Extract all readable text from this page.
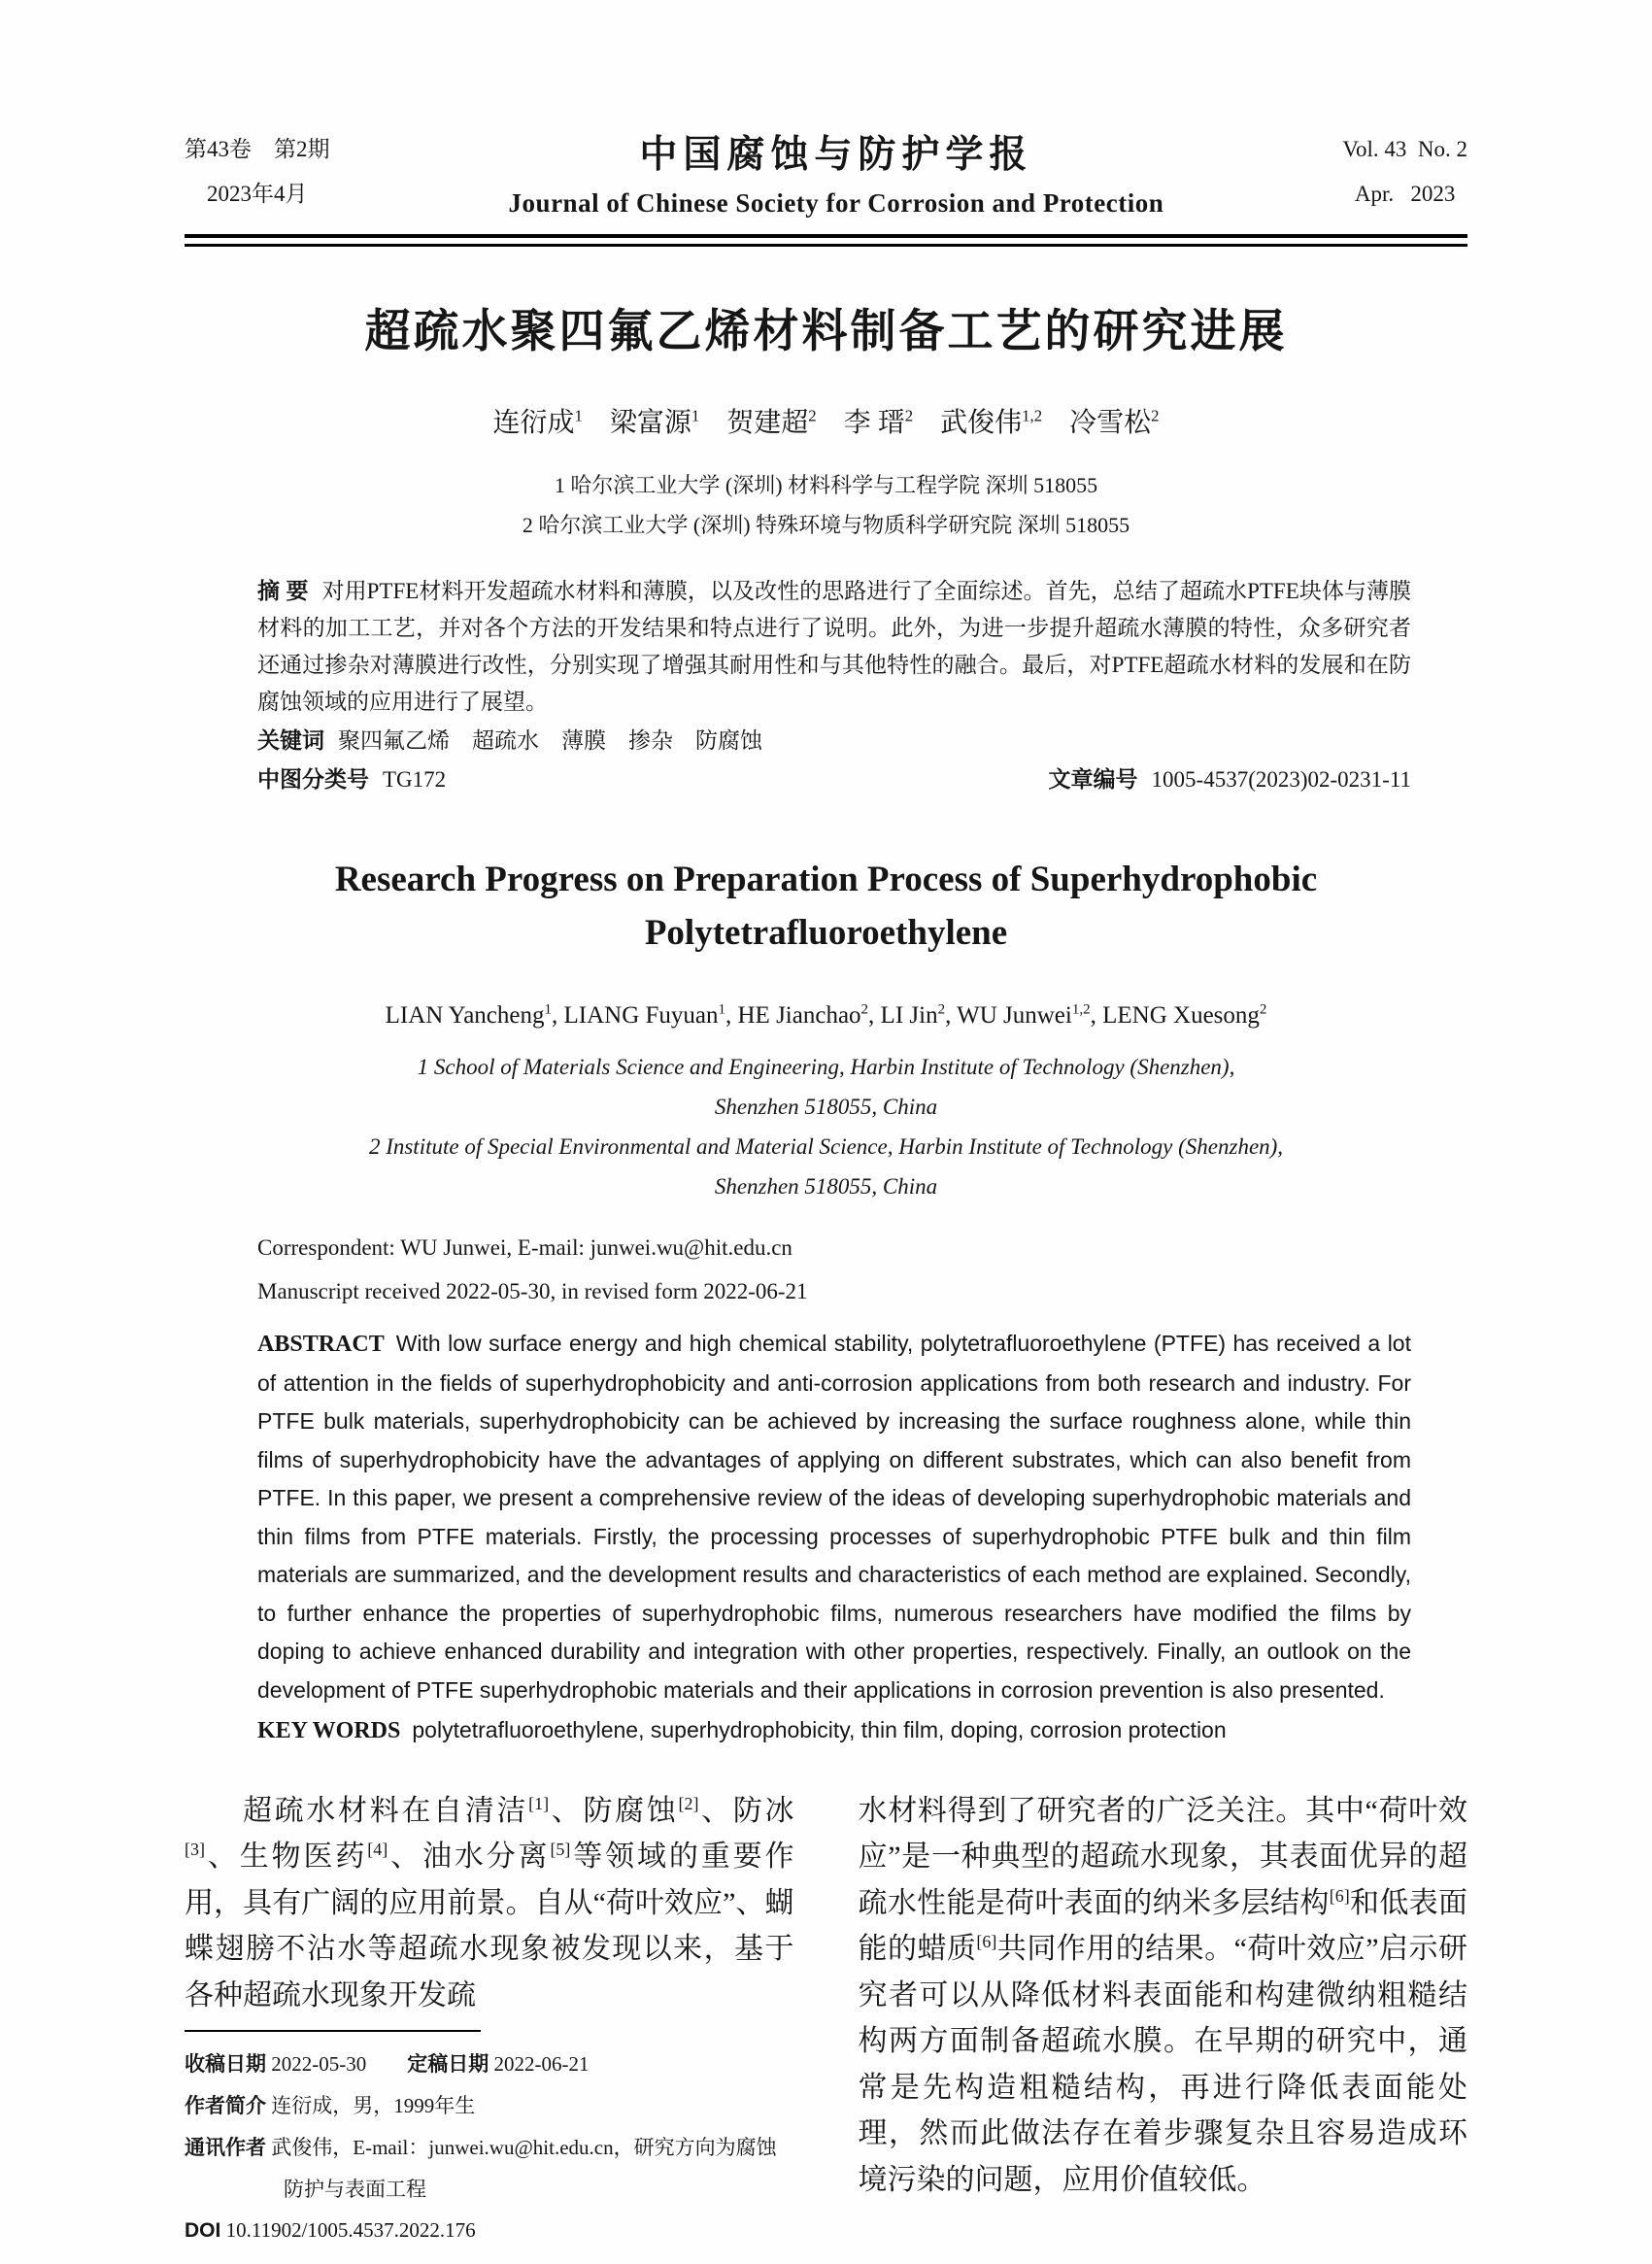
第43卷　第2期
2023年4月
中国腐蚀与防护学报
Journal of Chinese Society for Corrosion and Protection
Vol. 43 No. 2
Apr.  2023
超疏水聚四氟乙烯材料制备工艺的研究进展
连衍成$^1$　 梁富源$^1$　 贺建超$^2$　 李 瑨$^2$　 武俊伟$^{1,2}$　 冷雪松$^2$
1 哈尔滨工业大学 (深圳) 材料科学与工程学院 深圳 518055
2 哈尔滨工业大学 (深圳) 特殊环境与物质科学研究院 深圳 518055
摘 要 对用PTFE材料开发超疏水材料和薄膜，以及改性的思路进行了全面综述。首先，总结了超疏水PTFE块体与薄膜材料的加工工艺，并对各个方法的开发结果和特点进行了说明。此外，为进一步提升超疏水薄膜的特性，众多研究者还通过掺杂对薄膜进行改性，分别实现了增强其耐用性和与其他特性的融合。最后，对PTFE超疏水材料的发展和在防腐蚀领域的应用进行了展望。
关键词 聚四氟乙烯　超疏水　薄膜　掺杂　防腐蚀
中图分类号 TG172	文章编号 1005-4537(2023)02-0231-11
Research Progress on Preparation Process of Superhydrophobic Polytetrafluoroethylene
LIAN Yancheng$^1$, LIANG Fuyuan$^1$, HE Jianchao$^2$, LI Jin$^2$, WU Junwei$^{1,2}$, LENG Xuesong$^2$
1 School of Materials Science and Engineering, Harbin Institute of Technology (Shenzhen),
Shenzhen 518055, China
2 Institute of Special Environmental and Material Science, Harbin Institute of Technology (Shenzhen),
Shenzhen 518055, China
Correspondent: WU Junwei, E-mail: junwei.wu@hit.edu.cn
Manuscript received 2022-05-30, in revised form 2022-06-21
ABSTRACT With low surface energy and high chemical stability, polytetrafluoroethylene (PTFE) has received a lot of attention in the fields of superhydrophobicity and anti-corrosion applications from both research and industry. For PTFE bulk materials, superhydrophobicity can be achieved by increasing the surface roughness alone, while thin films of superhydrophobicity have the advantages of applying on different substrates, which can also benefit from PTFE. In this paper, we present a comprehensive review of the ideas of developing superhydrophobic materials and thin films from PTFE materials. Firstly, the processing processes of superhydrophobic PTFE bulk and thin film materials are summarized, and the development results and characteristics of each method are explained. Secondly, to further enhance the properties of superhydrophobic films, numerous researchers have modified the films by doping to achieve enhanced durability and integration with other properties, respectively. Finally, an outlook on the development of PTFE superhydrophobic materials and their applications in corrosion prevention is also presented.
KEY WORDS polytetrafluoroethylene, superhydrophobicity, thin film, doping, corrosion protection

超疏水材料在自清洁[1]、防腐蚀[2]、防冰[3]、生物医药[4]、油水分离[5]等领域的重要作用，具有广阔的应用前景。自从“荷叶效应”、蝴蝶翅膀不沾水等超疏水现象被发现以来，基于各种超疏水现象开发疏

收稿日期 2022-05-30　　定稿日期 2022-06-21
作者简介 连衍成，男，1999年生
通讯作者 武俊伟，E-mail：junwei.wu@hit.edu.cn，研究方向为腐蚀防护与表面工程
DOI 10.11902/1005.4537.2022.176

水材料得到了研究者的广泛关注。其中“荷叶效应”是一种典型的超疏水现象，其表面优异的超疏水性能是荷叶表面的纳米多层结构[6]和低表面能的蜡质[6]共同作用的结果。“荷叶效应”启示研究者可以从降低材料表面能和构建微纳粗糙结构两方面制备超疏水膜。在早期的研究中，通常是先构造粗糙结构，再进行降低表面能处理，然而此做法存在着步骤复杂且容易造成环境污染的问题，应用价值较低。
